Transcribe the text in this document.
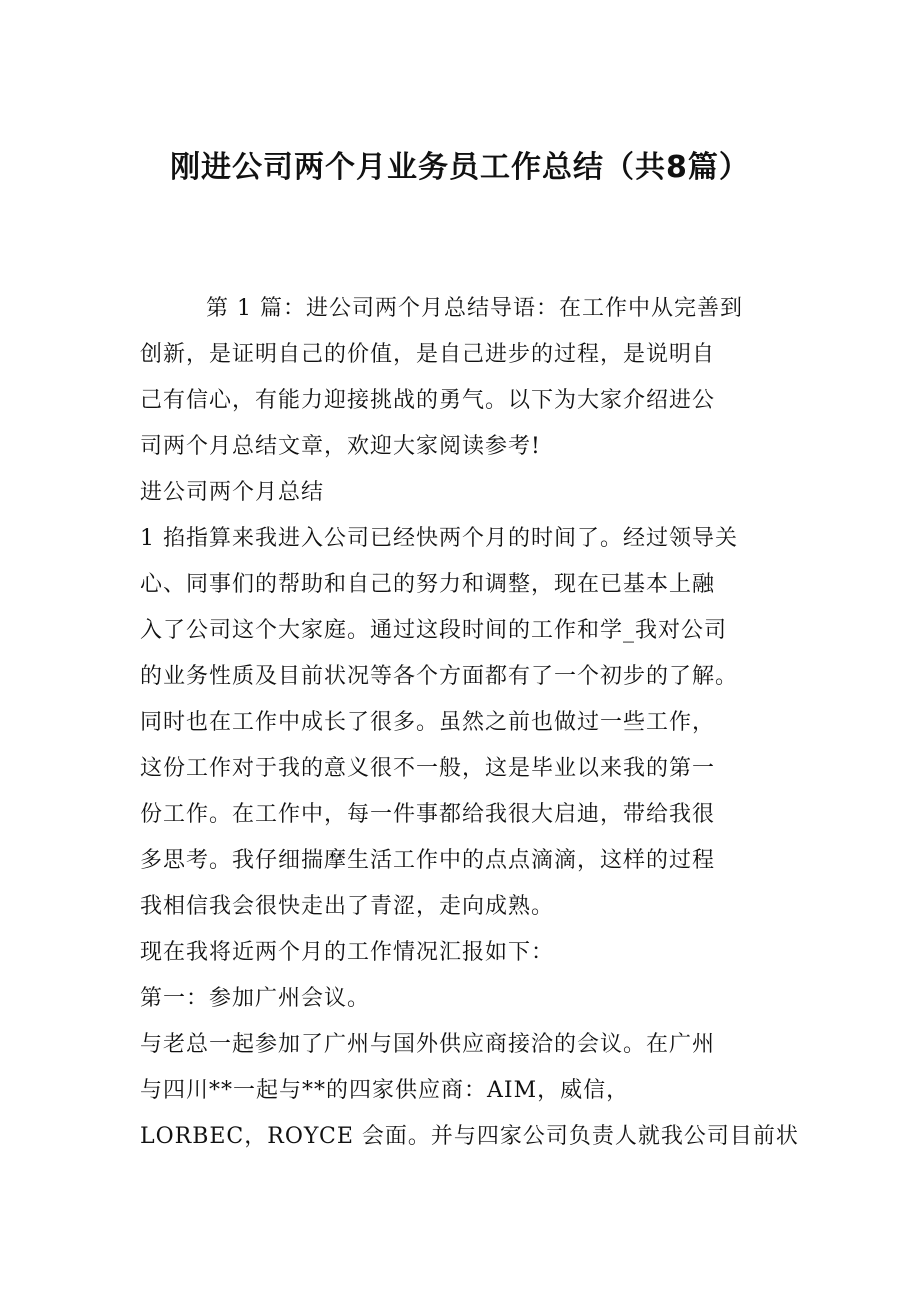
刚进公司两个月业务员工作总结（共8篇）

第 1 篇：进公司两个月总结导语：在工作中从完善到

创新，是证明自己的价值，是自己进步的过程，是说明自

己有信心，有能力迎接挑战的勇气。以下为大家介绍进公

司两个月总结文章，欢迎大家阅读参考!

进公司两个月总结

1 掐指算来我进入公司已经快两个月的时间了。经过领导关

心、同事们的帮助和自己的努力和调整，现在已基本上融

入了公司这个大家庭。通过这段时间的工作和学_我对公司

的业务性质及目前状况等各个方面都有了一个初步的了解。

同时也在工作中成长了很多。虽然之前也做过一些工作，

这份工作对于我的意义很不一般，这是毕业以来我的第一

份工作。在工作中，每一件事都给我很大启迪，带给我很

多思考。我仔细揣摩生活工作中的点点滴滴，这样的过程

我相信我会很快走出了青涩，走向成熟。

现在我将近两个月的工作情况汇报如下：

第一：参加广州会议。

与老总一起参加了广州与国外供应商接洽的会议。在广州

与四川**一起与**的四家供应商：AIM，威信，

LORBEC，ROYCE 会面。并与四家公司负责人就我公司目前状
